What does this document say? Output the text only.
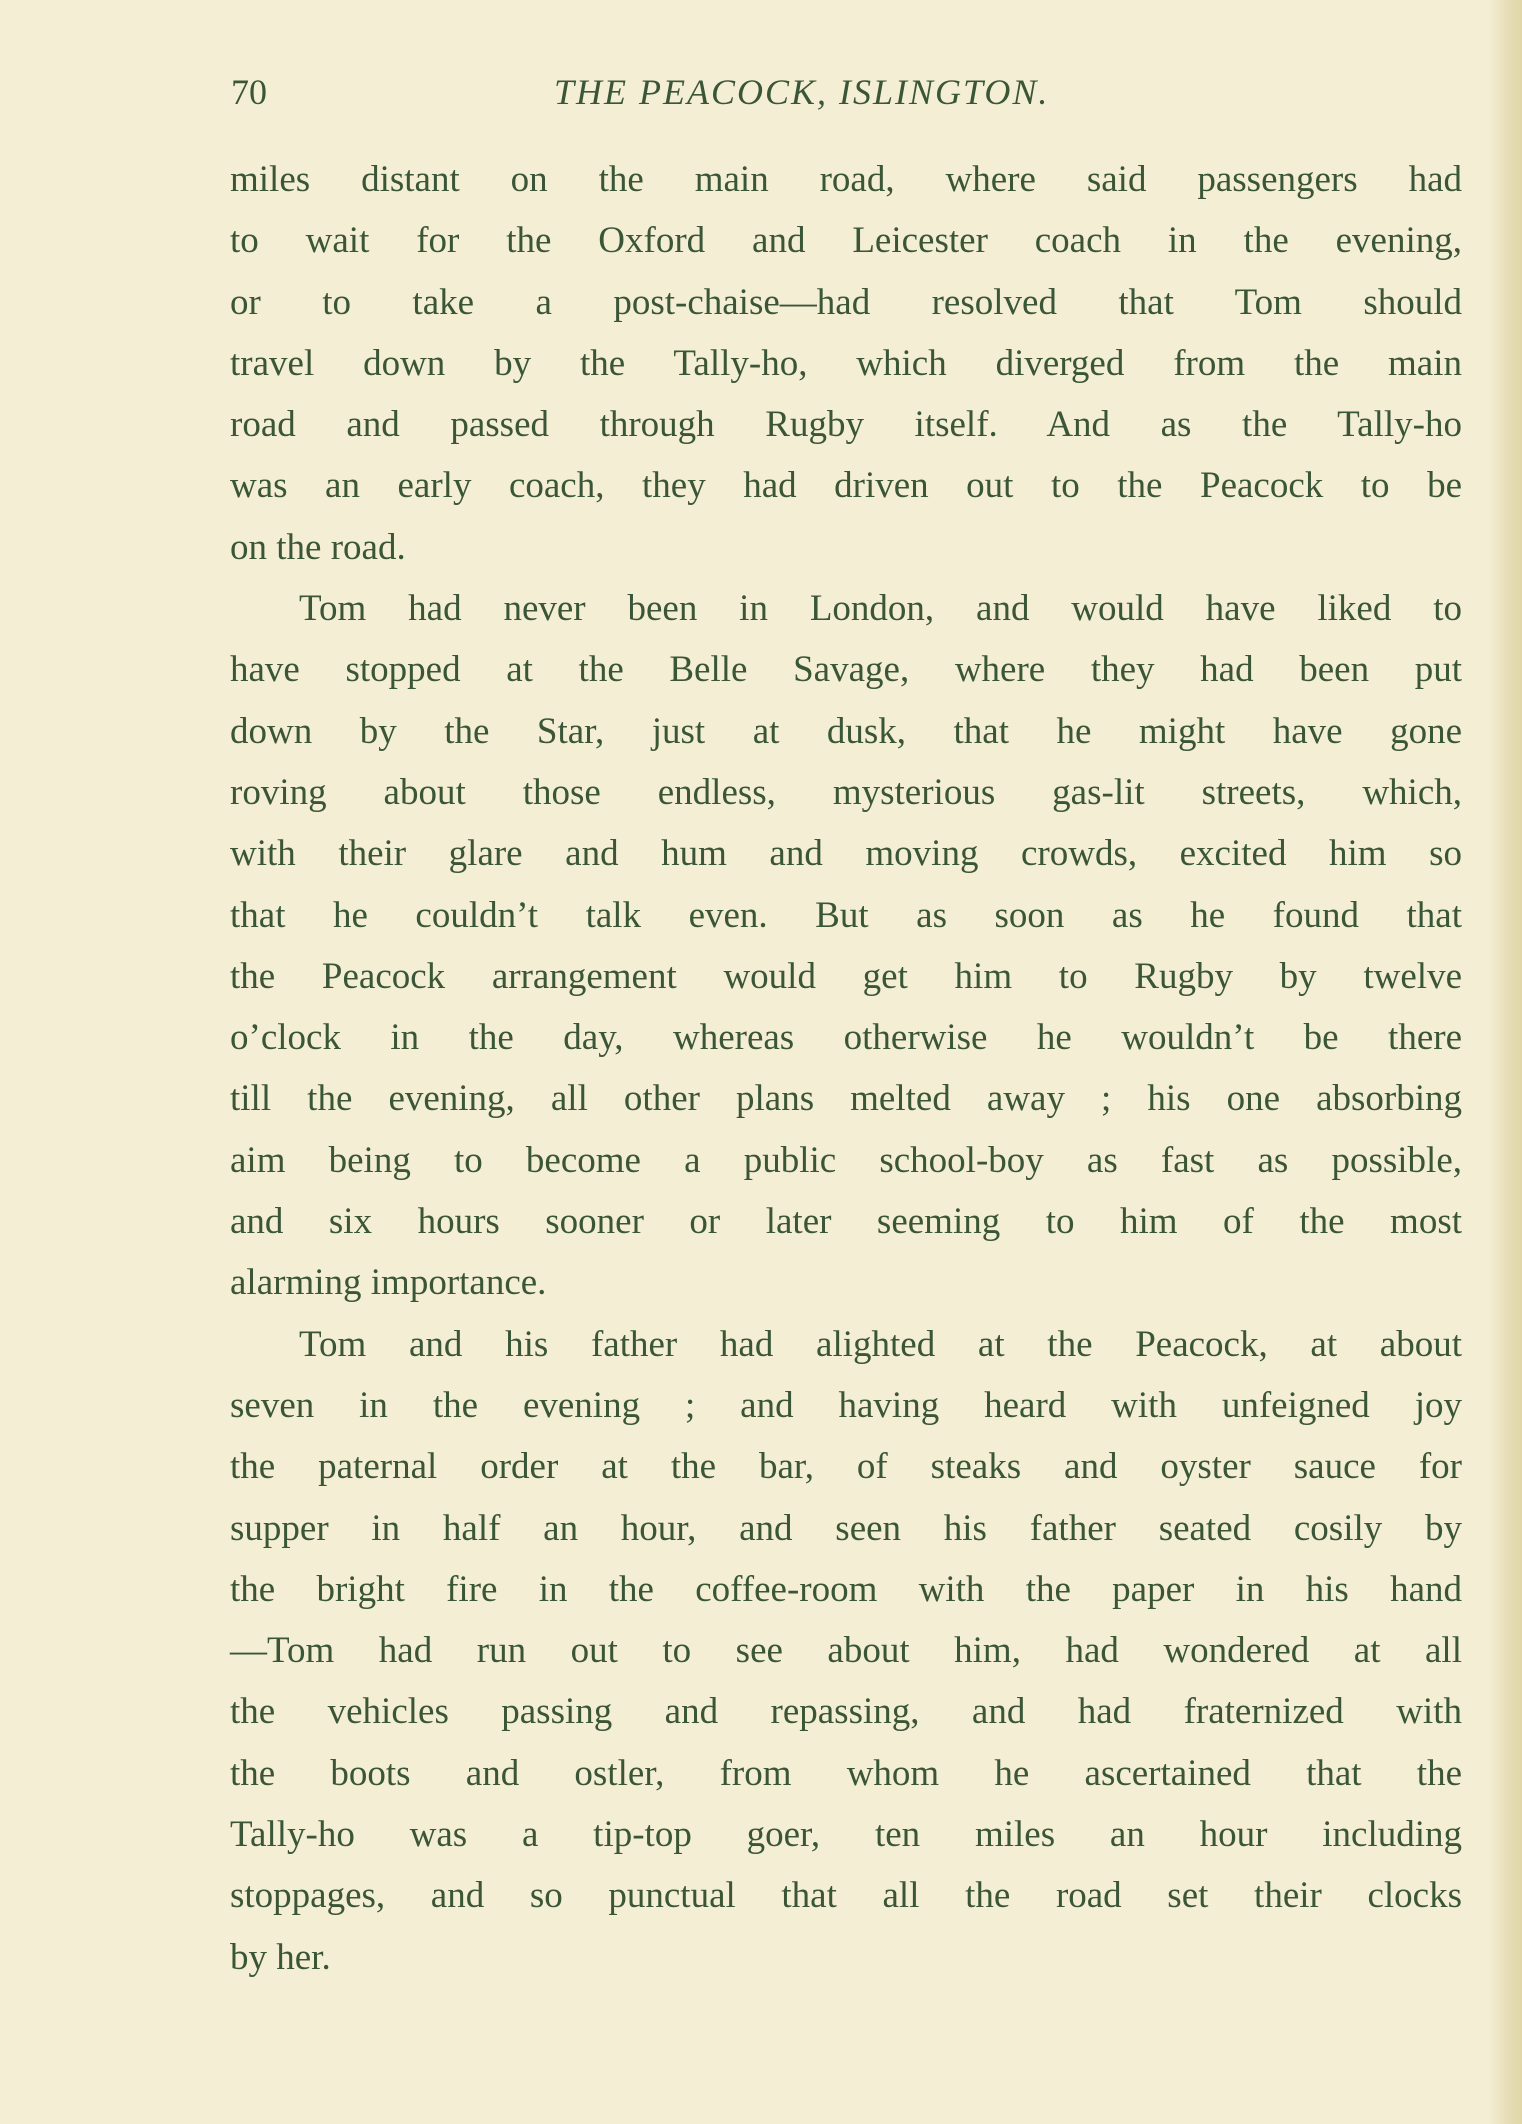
70	THE PEACOCK, ISLINGTON.
miles distant on the main road, where said passengers had
to wait for the Oxford and Leicester coach in the evening,
or to take a post-chaise—had resolved that Tom should
travel down by the Tally-ho, which diverged from the main
road and passed through Rugby itself. And as the Tally-ho
was an early coach, they had driven out to the Peacock to be
on the road.
Tom had never been in London, and would have liked to
have stopped at the Belle Savage, where they had been put
down by the Star, just at dusk, that he might have gone
roving about those endless, mysterious gas-lit streets, which,
with their glare and hum and moving crowds, excited him so
that he couldn’t talk even. But as soon as he found that
the Peacock arrangement would get him to Rugby by twelve
o’clock in the day, whereas otherwise he wouldn’t be there
till the evening, all other plans melted away ; his one absorbing
aim being to become a public school-boy as fast as possible,
and six hours sooner or later seeming to him of the most
alarming importance.
Tom and his father had alighted at the Peacock, at about
seven in the evening ; and having heard with unfeigned joy
the paternal order at the bar, of steaks and oyster sauce for
supper in half an hour, and seen his father seated cosily by
the bright fire in the coffee-room with the paper in his hand
—Tom had run out to see about him, had wondered at all
the vehicles passing and repassing, and had fraternized with
the boots and ostler, from whom he ascertained that the
Tally-ho was a tip-top goer, ten miles an hour including
stoppages, and so punctual that all the road set their clocks
by her.
